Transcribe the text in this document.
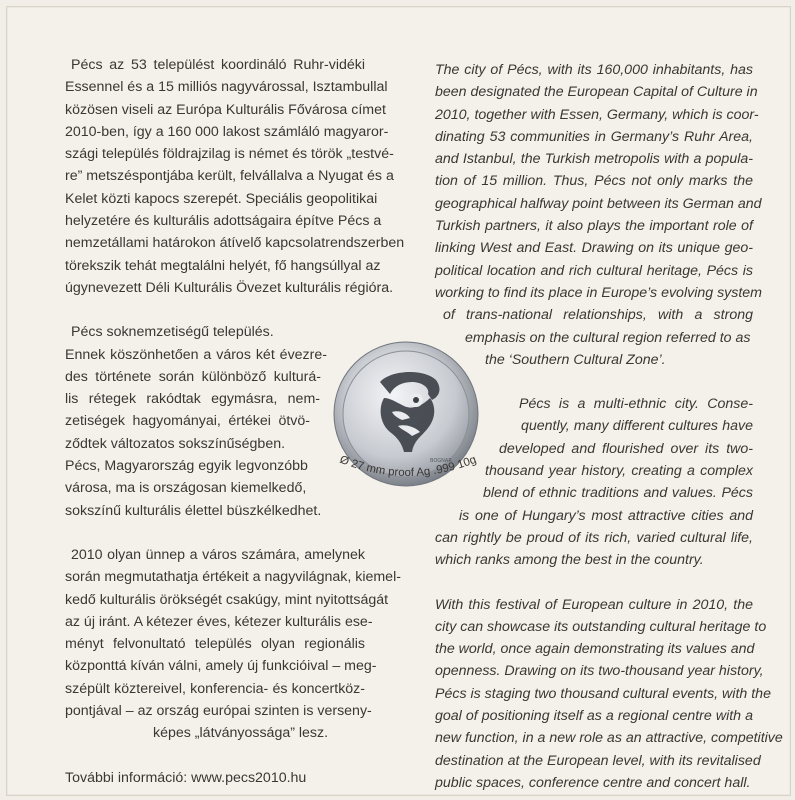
Pécs az 53 települést koordináló Ruhr-vidéki
Essennel és a 15 milliós nagyvárossal, Isztambullal
közösen viseli az Európa Kulturális Fővárosa címet
2010-ben, így a 160 000 lakost számláló magyaror-
szági település földrajzilag is német és török „testvé-
re” metszéspontjába került, felvállalva a Nyugat és a
Kelet közti kapocs szerepét. Speciális geopolitikai
helyzetére és kulturális adottságaira építve Pécs a
nemzetállami határokon átívelő kapcsolatrendszerben
törekszik tehát megtalálni helyét, fő hangsúllyal az
úgynevezett Déli Kulturális Övezet kulturális régióra.

Pécs soknemzetiségű település.
Ennek köszönhetően a város két évezre-
des története során különböző kulturá-
lis rétegek rakódtak egymásra, nem-
zetiségek hagyományai, értékei ötvö-
ződtek változatos sokszínűségben.
Pécs, Magyarország egyik legvonzóbb
városa, ma is országosan kiemelkedő,
sokszínű kulturális élettel büszkélkedhet.

2010 olyan ünnep a város számára, amelynek
során megmutathatja értékeit a nagyvilágnak, kiemel-
kedő kulturális örökségét csakúgy, mint nyitottságát
az új iránt. A kétezer éves, kétezer kulturális ese-
ményt felvonultató település olyan regionális
központtá kíván válni, amely új funkcióival – meg-
szépült köztereivel, konferencia- és koncertköz-
pontjával – az ország európai szinten is verseny-
képes „látványossága” lesz.

További információ: www.pecs2010.hu

The city of Pécs, with its 160,000 inhabitants, has
been designated the European Capital of Culture in
2010, together with Essen, Germany, which is coor-
dinating 53 communities in Germany’s Ruhr Area,
and Istanbul, the Turkish metropolis with a popula-
tion of 15 million. Thus, Pécs not only marks the
geographical halfway point between its German and
Turkish partners, it also plays the important role of
linking West and East. Drawing on its unique geo-
political location and rich cultural heritage, Pécs is
working to find its place in Europe’s evolving system
of trans-national relationships, with a strong
emphasis on the cultural region referred to as
the ‘Southern Cultural Zone’.

Pécs is a multi-ethnic city. Conse-
quently, many different cultures have
developed and flourished over its two-
thousand year history, creating a complex
blend of ethnic traditions and values. Pécs
is one of Hungary’s most attractive cities and
can rightly be proud of its rich, varied cultural life,
which ranks among the best in the country.

With this festival of European culture in 2010, the
city can showcase its outstanding cultural heritage to
the world, once again demonstrating its values and
openness. Drawing on its two-thousand year history,
Pécs is staging two thousand cultural events, with the
goal of positioning itself as a regional centre with a
new function, in a new role as an attractive, competitive
destination at the European level, with its revitalised
public spaces, conference centre and concert hall.

BOGNAR
Ø 27 mm proof Ag .999 10g
